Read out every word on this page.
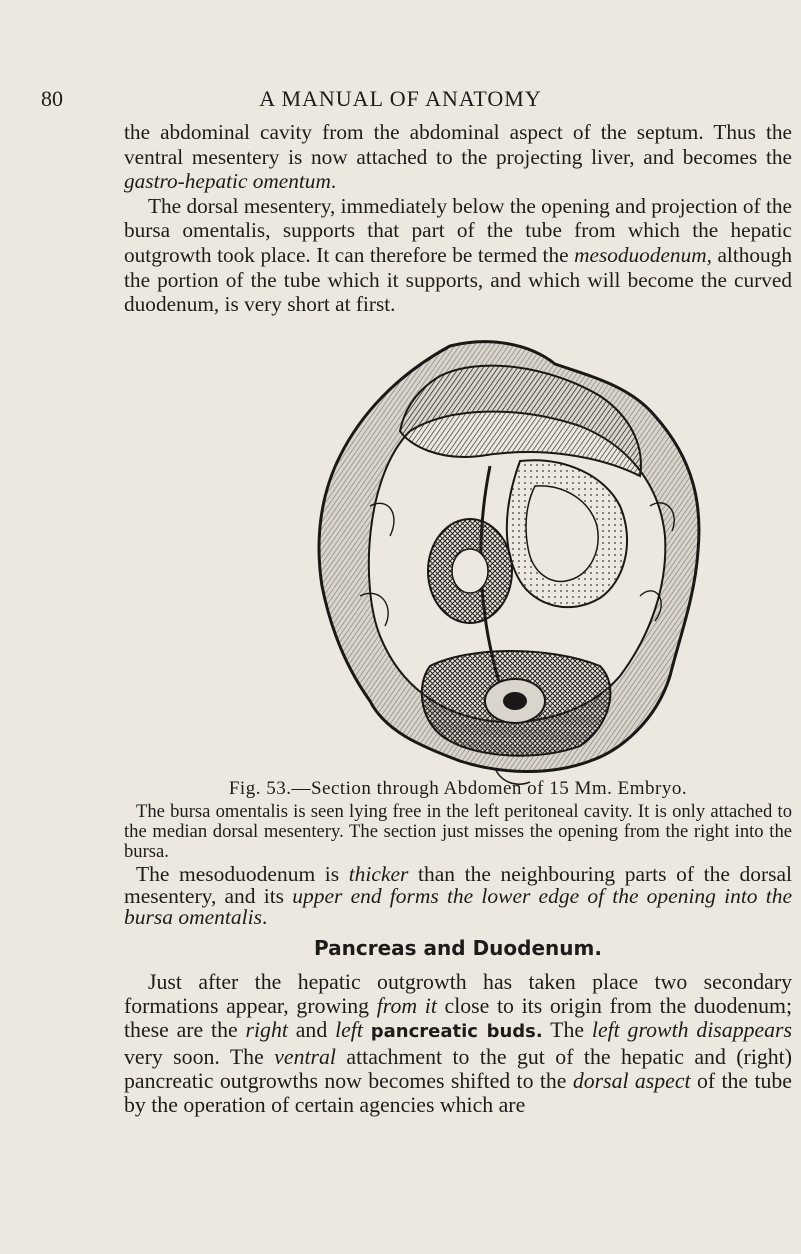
80	A MANUAL OF ANATOMY

the abdominal cavity from the abdominal aspect of the septum. Thus the ventral mesentery is now attached to the projecting liver, and becomes the gastro-hepatic omentum.

The dorsal mesentery, immediately below the opening and projection of the bursa omentalis, supports that part of the tube from which the hepatic outgrowth took place. It can therefore be termed the mesoduodenum, although the portion of the tube which it supports, and which will become the curved duodenum, is very short at first.

Fig. 53.—Section through Abdomen of 15 Mm. Embryo.

The bursa omentalis is seen lying free in the left peritoneal cavity. It is only attached to the median dorsal mesentery. The section just misses the opening from the right into the bursa.

The mesoduodenum is thicker than the neighbouring parts of the dorsal mesentery, and its upper end forms the lower edge of the opening into the bursa omentalis.

Pancreas and Duodenum.

Just after the hepatic outgrowth has taken place two secondary formations appear, growing from it close to its origin from the duodenum; these are the right and left pancreatic buds. The left growth disappears very soon. The ventral attachment to the gut of the hepatic and (right) pancreatic outgrowths now becomes shifted to the dorsal aspect of the tube by the operation of certain agencies which are
